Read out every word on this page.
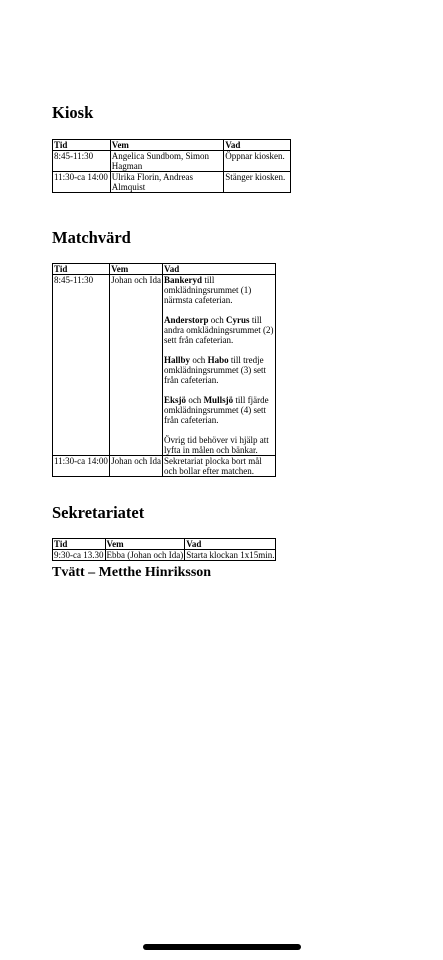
Kiosk
Tid	Vem	Vad
8:45-11:30	Angelica Sundbom, Simon Hagman	Öppnar kiosken.
11:30-ca 14:00	Ulrika Florin, Andreas Almquist	Stänger kiosken.
Matchvärd
Tid	Vem	Vad
8:45-11:30	Johan och Ida	Bankeryd till omklädningsrummet (1) närmsta cafeterian.

Anderstorp och Cyrus till andra omklädningsrummet (2) sett från cafeterian.

Hallby och Habo till tredje omklädningsrummet (3) sett från cafeterian.

Eksjö och Mullsjö till fjärde omklädningsrummet (4) sett från cafeterian.

Övrig tid behöver vi hjälp att lyfta in målen och bänkar.

11:30-ca 14:00	Johan och Ida	Sekretariat plocka bort mål och bollar efter matchen.
Sekretariatet
Tid	Vem	Vad
9:30-ca 13.30	Ebba (Johan och Ida)	Starta klockan 1x15min.
Tvätt – Metthe Hinriksson
